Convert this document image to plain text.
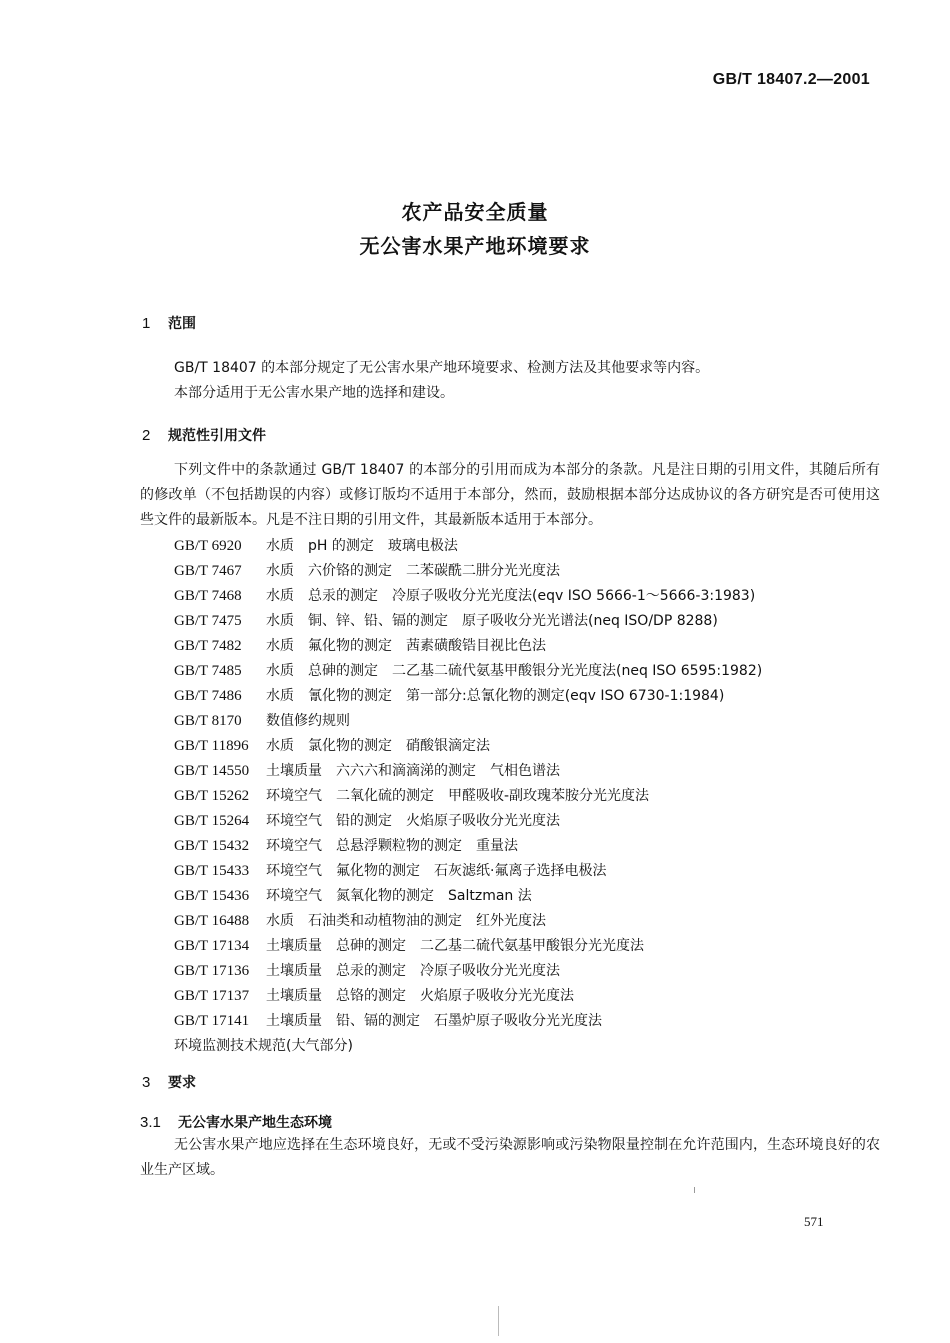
GB/T 18407.2—2001
农产品安全质量
无公害水果产地环境要求
1 范围
GB/T 18407 的本部分规定了无公害水果产地环境要求、检测方法及其他要求等内容。
本部分适用于无公害水果产地的选择和建设。
2 规范性引用文件
下列文件中的条款通过 GB/T 18407 的本部分的引用而成为本部分的条款。凡是注日期的引用文件，其随后所有的修改单（不包括勘误的内容）或修订版均不适用于本部分，然而，鼓励根据本部分达成协议的各方研究是否可使用这些文件的最新版本。凡是不注日期的引用文件，其最新版本适用于本部分。
GB/T 6920 水质　pH 的测定　玻璃电极法
GB/T 7467 水质　六价铬的测定　二苯碳酰二肼分光光度法
GB/T 7468 水质　总汞的测定　冷原子吸收分光光度法(eqv ISO 5666-1～5666-3:1983)
GB/T 7475 水质　铜、锌、铅、镉的测定　原子吸收分光光谱法(neq ISO/DP 8288)
GB/T 7482 水质　氟化物的测定　茜素磺酸锆目视比色法
GB/T 7485 水质　总砷的测定　二乙基二硫代氨基甲酸银分光光度法(neq ISO 6595:1982)
GB/T 7486 水质　氰化物的测定　第一部分:总氰化物的测定(eqv ISO 6730-1:1984)
GB/T 8170 数值修约规则
GB/T 11896 水质　氯化物的测定　硝酸银滴定法
GB/T 14550 土壤质量　六六六和滴滴涕的测定　气相色谱法
GB/T 15262 环境空气　二氧化硫的测定　甲醛吸收-副玫瑰苯胺分光光度法
GB/T 15264 环境空气　铅的测定　火焰原子吸收分光光度法
GB/T 15432 环境空气　总悬浮颗粒物的测定　重量法
GB/T 15433 环境空气　氟化物的测定　石灰滤纸·氟离子选择电极法
GB/T 15436 环境空气　氮氧化物的测定　Saltzman 法
GB/T 16488 水质　石油类和动植物油的测定　红外光度法
GB/T 17134 土壤质量　总砷的测定　二乙基二硫代氨基甲酸银分光光度法
GB/T 17136 土壤质量　总汞的测定　冷原子吸收分光光度法
GB/T 17137 土壤质量　总铬的测定　火焰原子吸收分光光度法
GB/T 17141 土壤质量　铅、镉的测定　石墨炉原子吸收分光光度法
环境监测技术规范(大气部分)
3 要求
3.1 无公害水果产地生态环境
无公害水果产地应选择在生态环境良好，无或不受污染源影响或污染物限量控制在允许范围内，生态环境良好的农业生产区域。
571
